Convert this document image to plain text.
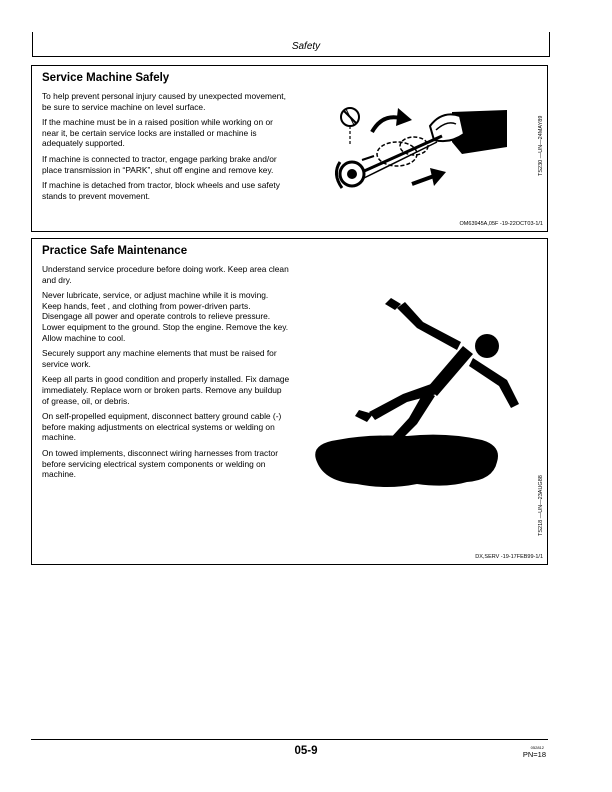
Safety
Service Machine Safely

To help prevent personal injury caused by unexpected movement, be sure to service machine on level surface.

If the machine must be in a raised position while working on or near it, be certain service locks are installed or machine is adequately supported.

If machine is connected to tractor, engage parking brake and/or place transmission in “PARK”, shut off engine and remove key.

If machine is detached from tractor, block wheels and use safety stands to prevent movement.

TS230 —UN—24MAY89
OM63945A,05F -19-22OCT03-1/1
Practice Safe Maintenance

Understand service procedure before doing work. Keep area clean and dry.

Never lubricate, service, or adjust machine while it is moving. Keep hands, feet , and clothing from power-driven parts. Disengage all power and operate controls to relieve pressure. Lower equipment to the ground. Stop the engine. Remove the key. Allow machine to cool.

Securely support any machine elements that must be raised for service work.

Keep all parts in good condition and properly installed. Fix damage immediately. Replace worn or broken parts. Remove any buildup of grease, oil, or debris.

On self-propelled equipment, disconnect battery ground cable (-) before making adjustments on electrical systems or welding on machine.

On towed implements, disconnect wiring harnesses from tractor before servicing electrical system components or welding on machine.

TS218 —UN—23AUG88
DX,SERV -19-17FEB99-1/1
05-9	052812
PN=18
